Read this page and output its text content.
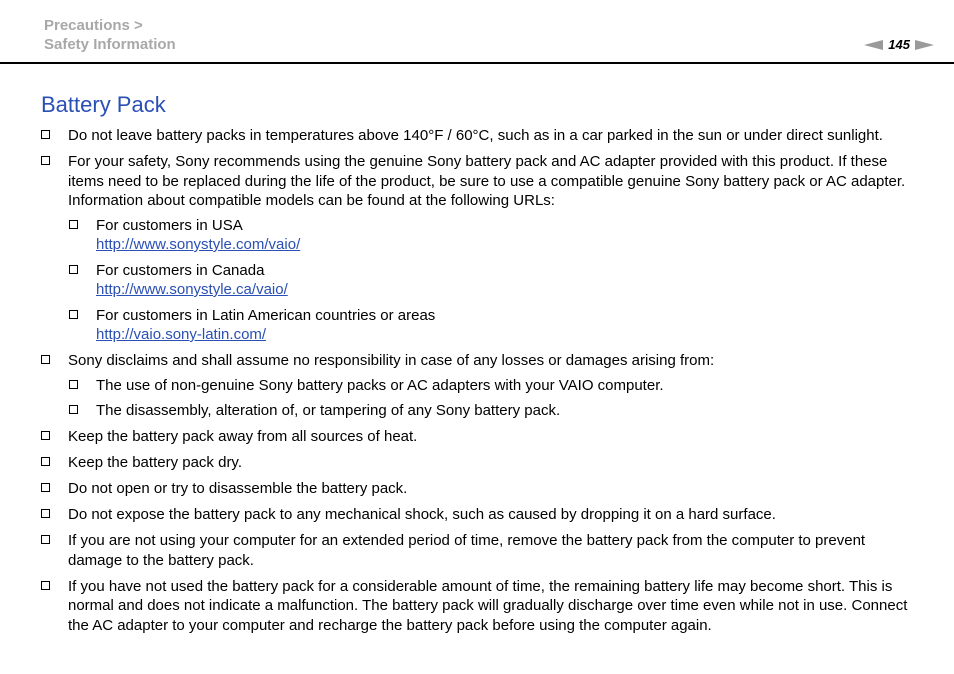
Precautions >
Safety Information	145
Battery Pack
Do not leave battery packs in temperatures above 140°F / 60°C, such as in a car parked in the sun or under direct sunlight.
For your safety, Sony recommends using the genuine Sony battery pack and AC adapter provided with this product. If these items need to be replaced during the life of the product, be sure to use a compatible genuine Sony battery pack or AC adapter. Information about compatible models can be found at the following URLs:
For customers in USA
http://www.sonystyle.com/vaio/
For customers in Canada
http://www.sonystyle.ca/vaio/
For customers in Latin American countries or areas
http://vaio.sony-latin.com/
Sony disclaims and shall assume no responsibility in case of any losses or damages arising from:
The use of non-genuine Sony battery packs or AC adapters with your VAIO computer.
The disassembly, alteration of, or tampering of any Sony battery pack.
Keep the battery pack away from all sources of heat.
Keep the battery pack dry.
Do not open or try to disassemble the battery pack.
Do not expose the battery pack to any mechanical shock, such as caused by dropping it on a hard surface.
If you are not using your computer for an extended period of time, remove the battery pack from the computer to prevent damage to the battery pack.
If you have not used the battery pack for a considerable amount of time, the remaining battery life may become short. This is normal and does not indicate a malfunction. The battery pack will gradually discharge over time even while not in use. Connect the AC adapter to your computer and recharge the battery pack before using the computer again.
